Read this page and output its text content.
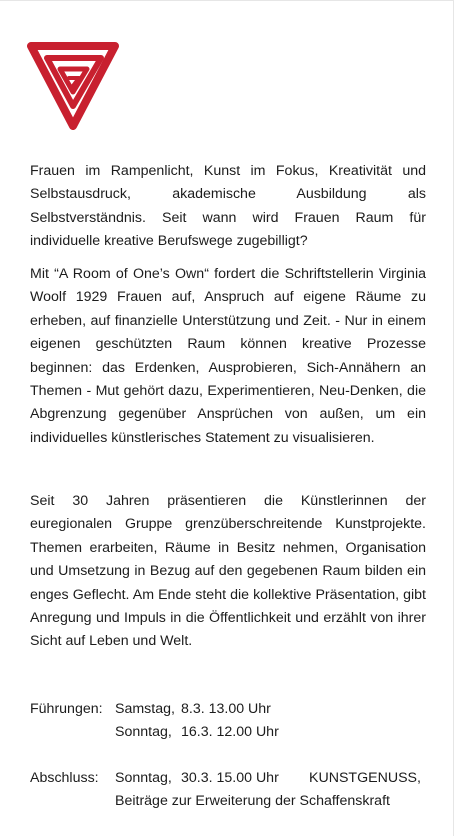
Frauen im Rampenlicht, Kunst im Fokus, Kreativität und Selbstausdruck, akademische Ausbildung als Selbstverständnis. Seit wann wird Frauen Raum für individuelle kreative Berufswege zugebilligt?

Mit “A Room of One’s Own“ fordert die Schriftstellerin Virginia Woolf 1929 Frauen auf, Anspruch auf eigene Räume zu erheben, auf finanzielle Unterstützung und Zeit. - Nur in einem eigenen geschützten Raum können kreative Prozesse beginnen: das Erdenken, Ausprobieren, Sich-Annähern an Themen - Mut gehört dazu, Experimentieren, Neu-Denken, die Abgrenzung gegenüber Ansprüchen von außen, um ein individuelles künstlerisches Statement zu visualisieren.

Seit 30 Jahren präsentieren die Künstlerinnen der euregionalen Gruppe grenzüberschreitende Kunstprojekte. Themen erarbeiten, Räume in Besitz nehmen, Organisation und Umsetzung in Bezug auf den gegebenen Raum bilden ein enges Geflecht. Am Ende steht die kollektive Präsentation, gibt Anregung und Impuls in die Öffentlichkeit und erzählt von ihrer Sicht auf Leben und Welt.

Führungen: Samstag, 8.3. 13.00 Uhr
Sonntag, 16.3. 12.00 Uhr
Abschluss: Sonntag, 30.3. 15.00 Uhr KUNSTGENUSS,
Beiträge zur Erweiterung der Schaffenskraft
